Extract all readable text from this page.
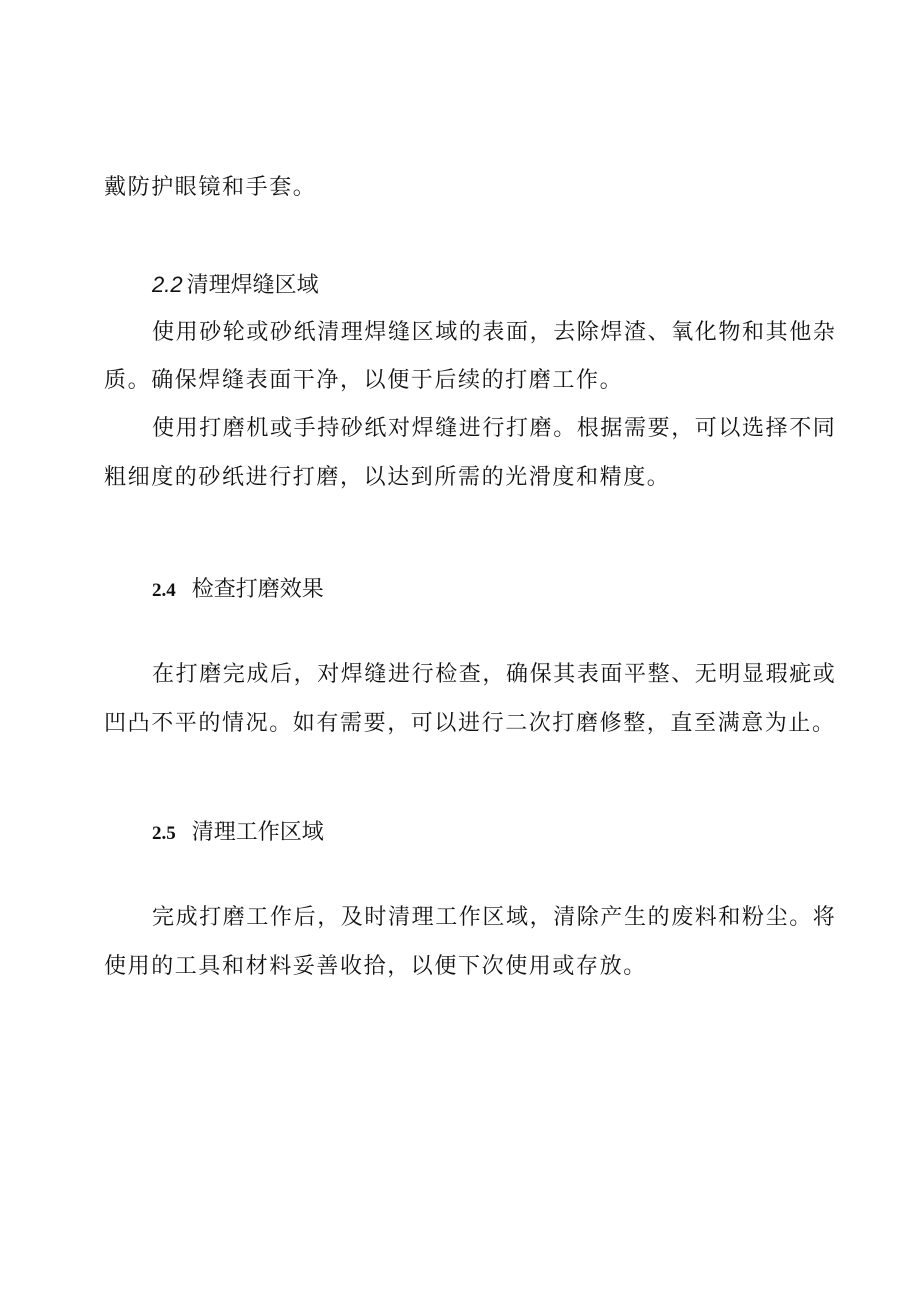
戴防护眼镜和手套。
2.2 清理焊缝区域
使用砂轮或砂纸清理焊缝区域的表面，去除焊渣、氧化物和其他杂
质。确保焊缝表面干净，以便于后续的打磨工作。
使用打磨机或手持砂纸对焊缝进行打磨。根据需要，可以选择不同
粗细度的砂纸进行打磨，以达到所需的光滑度和精度。
2.4 检查打磨效果
在打磨完成后，对焊缝进行检查，确保其表面平整、无明显瑕疵或
凹凸不平的情况。如有需要，可以进行二次打磨修整，直至满意为止。
2.5 清理工作区域
完成打磨工作后，及时清理工作区域，清除产生的废料和粉尘。将
使用的工具和材料妥善收拾，以便下次使用或存放。
